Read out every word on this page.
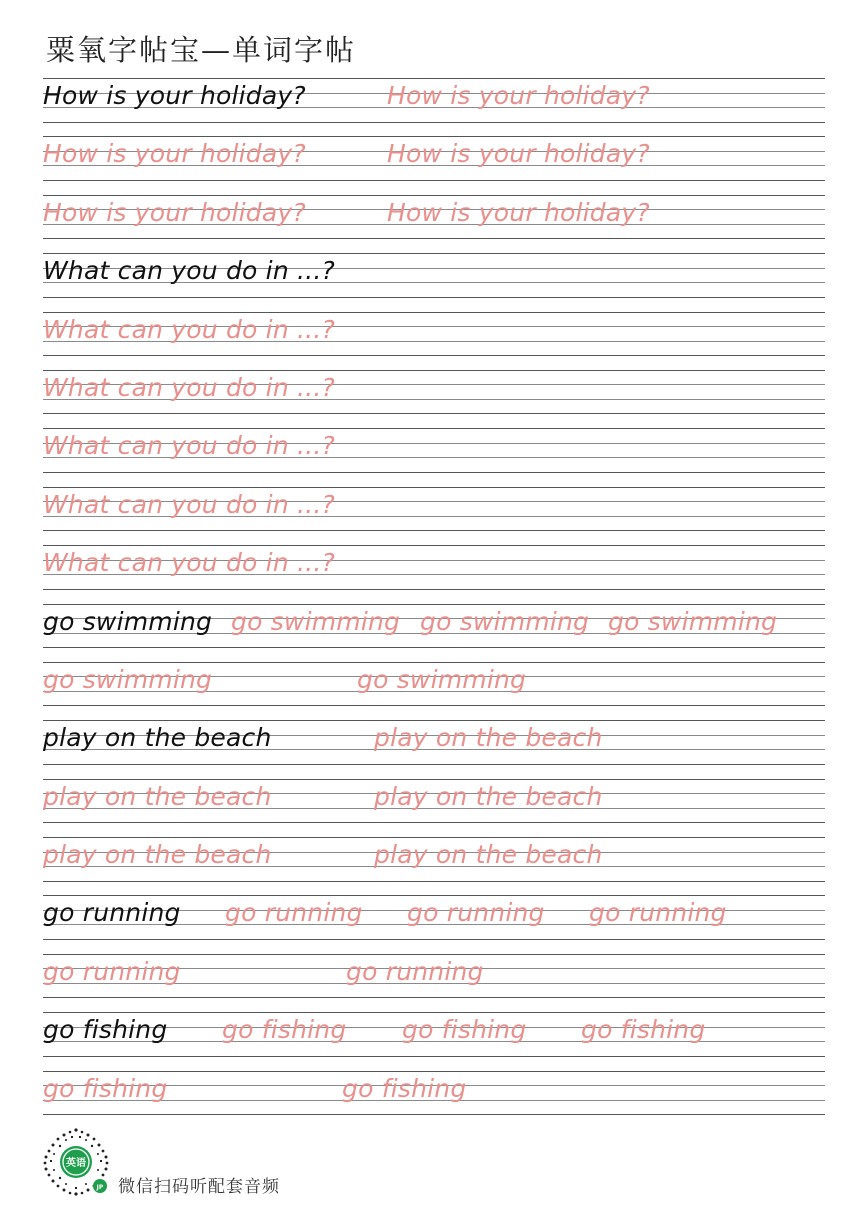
粟氧字帖宝—单词字帖
How is your holiday?	How is your holiday?
How is your holiday?	How is your holiday?
How is your holiday?	How is your holiday?
What can you do in ...?
What can you do in ...?
What can you do in ...?
What can you do in ...?
What can you do in ...?
What can you do in ...?
go swimming go swimming go swimming go swimming
go swimming	go swimming
play on the beach	play on the beach
play on the beach	play on the beach
play on the beach	play on the beach
go running go running go running go running
go running	go running
go fishing go fishing go fishing go fishing
go fishing	go fishing
英语
JP 微信扫码听配套音频
